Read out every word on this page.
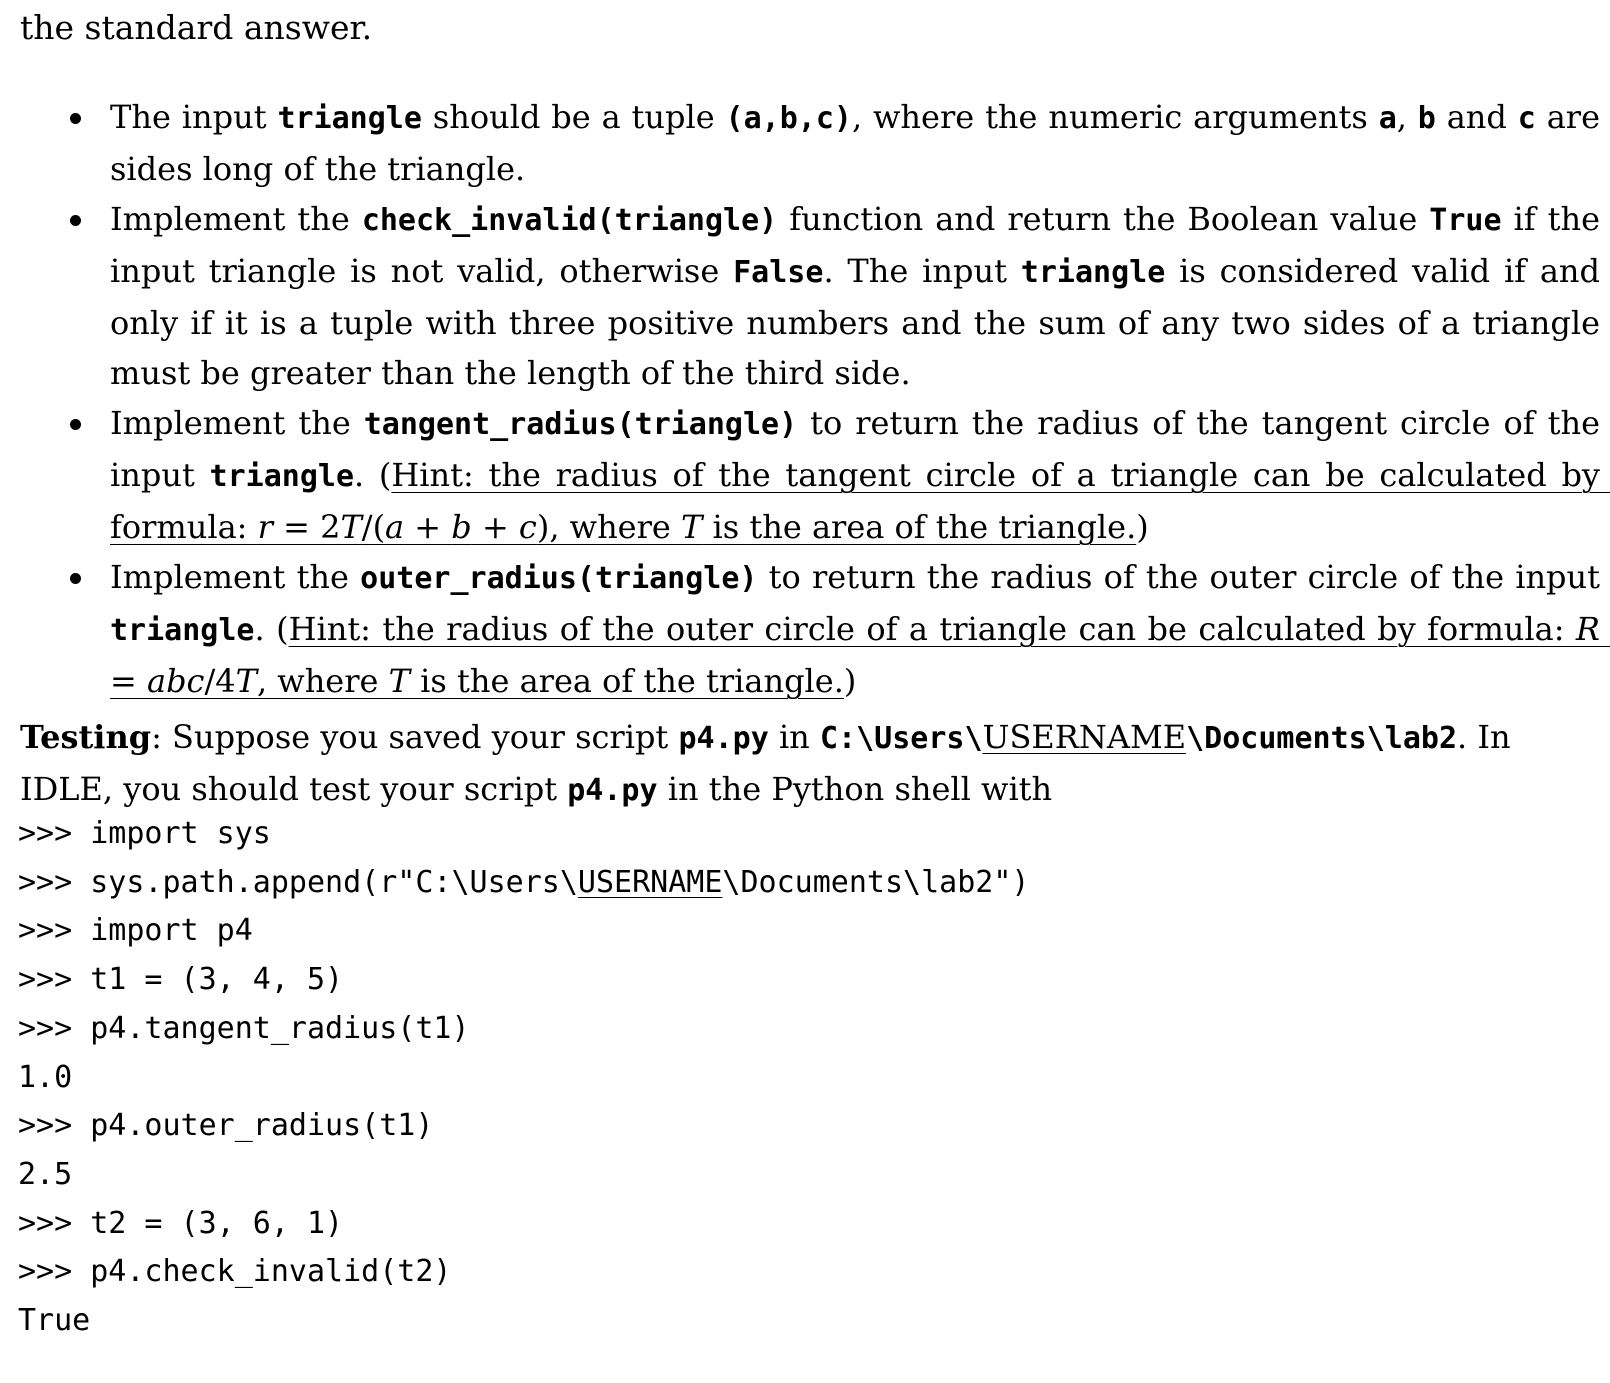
the standard answer.
The input triangle should be a tuple (a,b,c), where the numeric arguments a, b and c are sides long of the triangle.
Implement the check_invalid(triangle) function and return the Boolean value True if the input triangle is not valid, otherwise False. The input triangle is considered valid if and only if it is a tuple with three positive numbers and the sum of any two sides of a triangle must be greater than the length of the third side.
Implement the tangent_radius(triangle) to return the radius of the tangent circle of the input triangle. (Hint: the radius of the tangent circle of a triangle can be calculated by formula: r = 2T/(a + b + c), where T is the area of the triangle.)
Implement the outer_radius(triangle) to return the radius of the outer circle of the input triangle. (Hint: the radius of the outer circle of a triangle can be calculated by formula: R = abc/4T, where T is the area of the triangle.)
Testing: Suppose you saved your script p4.py in C:\Users\USERNAME\Documents\lab2. In IDLE, you should test your script p4.py in the Python shell with
>>> import sys
>>> sys.path.append(r"C:\Users\USERNAME\Documents\lab2")
>>> import p4
>>> t1 = (3, 4, 5)
>>> p4.tangent_radius(t1)
1.0
>>> p4.outer_radius(t1)
2.5
>>> t2 = (3, 6, 1)
>>> p4.check_invalid(t2)
True
